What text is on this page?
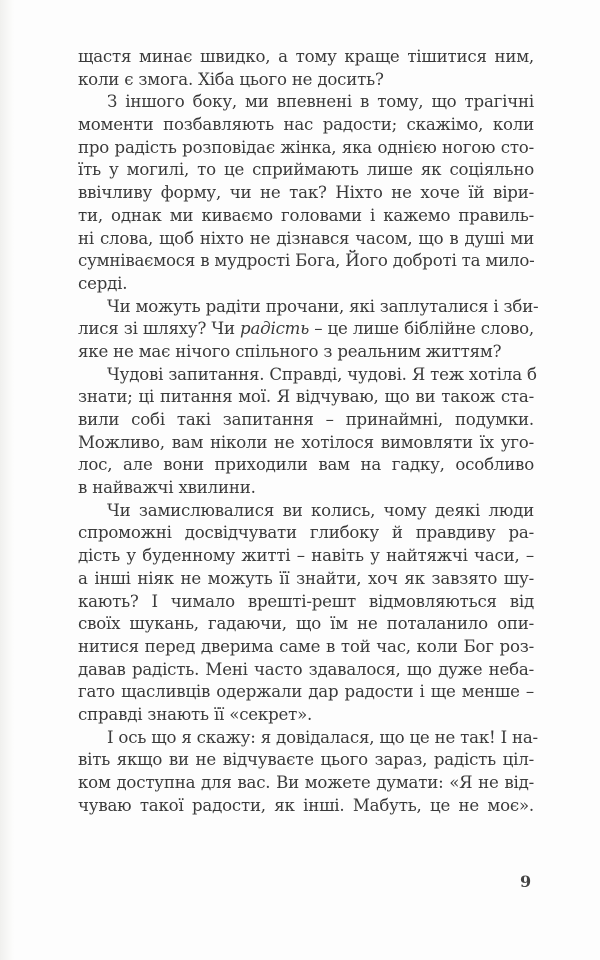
щастя минає швидко, а тому краще тішитися ним,
коли є змога. Хіба цього не досить?
З іншого боку, ми впевнені в тому, що трагічні
моменти позбавляють нас радости; скажімо, коли
про радість розповідає жінка, яка однією ногою сто-
їть у могилі, то це сприймають лише як соціяльно
ввічливу форму, чи не так? Ніхто не хоче їй віри-
ти, однак ми киваємо головами і кажемо правиль-
ні слова, щоб ніхто не дізнався часом, що в душі ми
сумніваємося в мудрості Бога, Його доброті та мило-
серді.
Чи можуть радіти прочани, які заплуталися і зби-
лися зі шляху? Чи радість – це лише біблійне слово,
яке не має нічого спільного з реальним життям?
Чудові запитання. Справді, чудові. Я теж хотіла б
знати; ці питання мої. Я відчуваю, що ви також ста-
вили собі такі запитання – принаймні, подумки.
Можливо, вам ніколи не хотілося вимовляти їх уго-
лос, але вони приходили вам на гадку, особливо
в найважчі хвилини.
Чи замислювалися ви колись, чому деякі люди
спроможні досвідчувати глибоку й правдиву ра-
дість у буденному житті – навіть у найтяжчі часи, –
а інші ніяк не можуть її знайти, хоч як завзято шу-
кають? І чимало врешті-решт відмовляються від
своїх шукань, гадаючи, що їм не поталанило опи-
нитися перед дверима саме в той час, коли Бог роз-
давав радість. Мені часто здавалося, що дуже неба-
гато щасливців одержали дар радости і ще менше –
справді знають її «секрет».
І ось що я скажу: я довідалася, що це не так! І на-
віть якщо ви не відчуваєте цього зараз, радість ціл-
ком доступна для вас. Ви можете думати: «Я не від-
чуваю такої радости, як інші. Мабуть, це не моє».
9
